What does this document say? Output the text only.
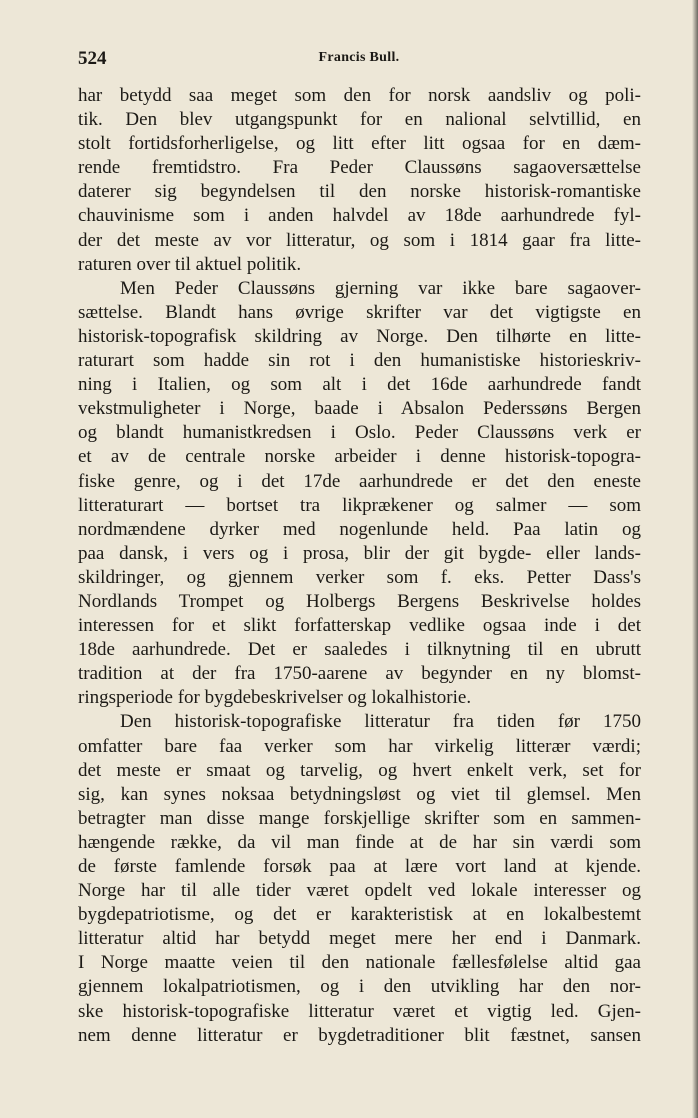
524	Francis Bull.
har betydd saa meget som den for norsk aandsliv og poli-
tik. Den blev utgangspunkt for en nalional selvtillid, en
stolt fortidsforherligelse, og litt efter litt ogsaa for en dæm-
rende fremtidstro. Fra Peder Claussøns sagaoversættelse
daterer sig begyndelsen til den norske historisk-romantiske
chauvinisme som i anden halvdel av 18de aarhundrede fyl-
der det meste av vor litteratur, og som i 1814 gaar fra litte-
raturen over til aktuel politik.
Men Peder Claussøns gjerning var ikke bare sagaover-
sættelse. Blandt hans øvrige skrifter var det vigtigste en
historisk-topografisk skildring av Norge. Den tilhørte en litte-
raturart som hadde sin rot i den humanistiske historieskriv-
ning i Italien, og som alt i det 16de aarhundrede fandt
vekstmuligheter i Norge, baade i Absalon Pederssøns Bergen
og blandt humanistkredsen i Oslo. Peder Claussøns verk er
et av de centrale norske arbeider i denne historisk-topogra-
fiske genre, og i det 17de aarhundrede er det den eneste
litteraturart — bortset tra likprækener og salmer — som
nordmændene dyrker med nogenlunde held. Paa latin og
paa dansk, i vers og i prosa, blir der git bygde- eller lands-
skildringer, og gjennem verker som f. eks. Petter Dass's
Nordlands Trompet og Holbergs Bergens Beskrivelse holdes
interessen for et slikt forfatterskap vedlike ogsaa inde i det
18de aarhundrede. Det er saaledes i tilknytning til en ubrutt
tradition at der fra 1750-aarene av begynder en ny blomst-
ringsperiode for bygdebeskrivelser og lokalhistorie.
Den historisk-topografiske litteratur fra tiden før 1750
omfatter bare faa verker som har virkelig litterær værdi;
det meste er smaat og tarvelig, og hvert enkelt verk, set for
sig, kan synes noksaa betydningsløst og viet til glemsel. Men
betragter man disse mange forskjellige skrifter som en sammen-
hængende række, da vil man finde at de har sin værdi som
de første famlende forsøk paa at lære vort land at kjende.
Norge har til alle tider været opdelt ved lokale interesser og
bygdepatriotisme, og det er karakteristisk at en lokalbestemt
litteratur altid har betydd meget mere her end i Danmark.
I Norge maatte veien til den nationale fællesfølelse altid gaa
gjennem lokalpatriotismen, og i den utvikling har den nor-
ske historisk-topografiske litteratur været et vigtig led. Gjen-
nem denne litteratur er bygdetraditioner blit fæstnet, sansen
